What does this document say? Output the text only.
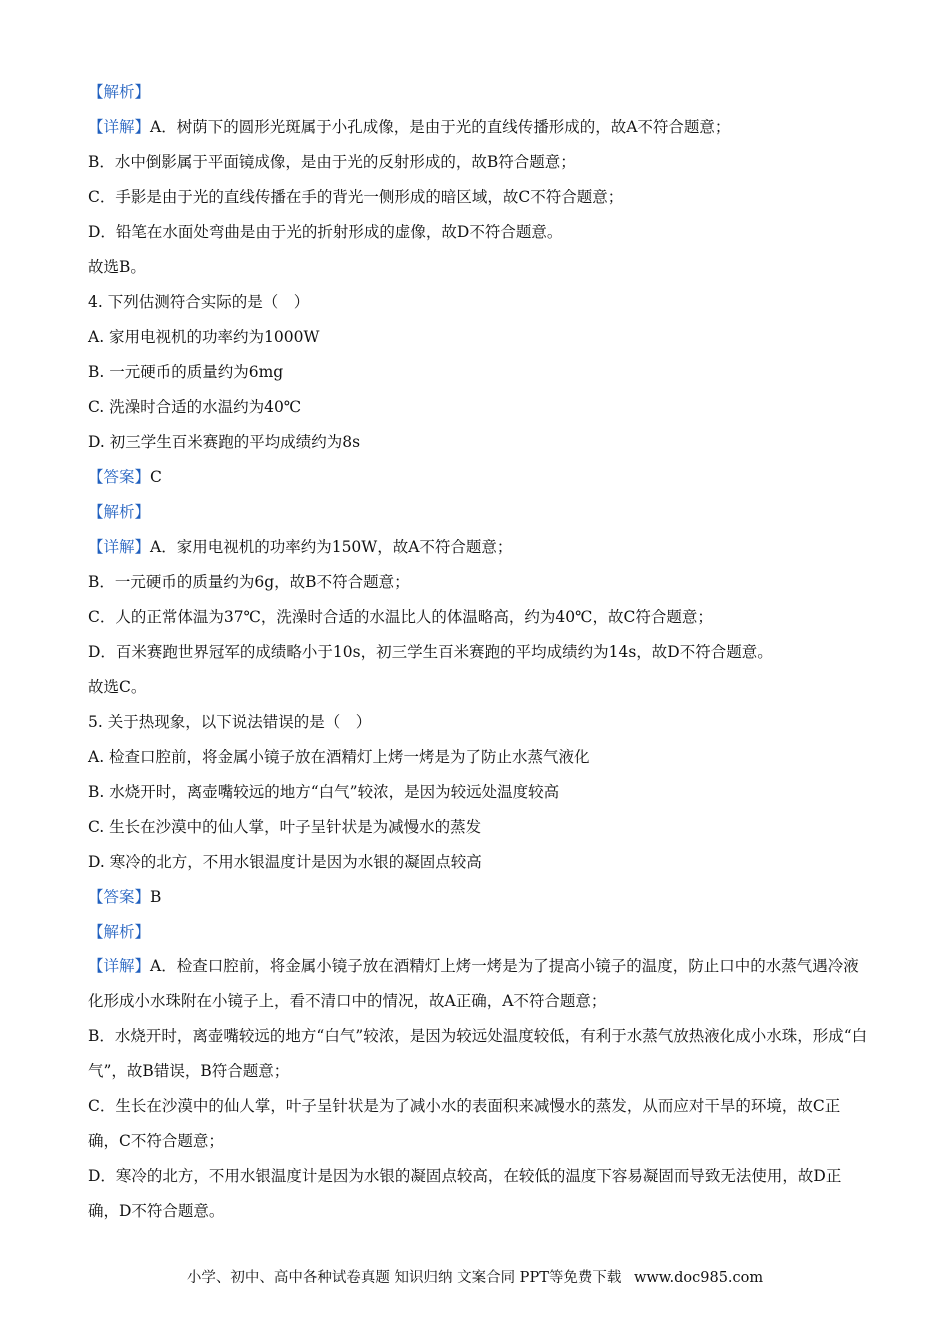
【解析】

【详解】 A．树荫下的圆形光斑属于小孔成像，是由于光的直线传播形成的，故A不符合题意；

B．水中倒影属于平面镜成像，是由于光的反射形成的，故B符合题意；

C．手影是由于光的直线传播在手的背光一侧形成的暗区域，故C不符合题意；

D．铅笔在水面处弯曲是由于光的折射形成的虚像，故D不符合题意。

故选B。

4. 下列估测符合实际的是（　）

A. 家用电视机的功率约为1000W

B. 一元硬币的质量约为6mg

C. 洗澡时合适的水温约为40℃

D. 初三学生百米赛跑的平均成绩约为8s

【答案】 C

【解析】

【详解】 A．家用电视机的功率约为150W，故A不符合题意；

B．一元硬币的质量约为6g，故B不符合题意；

C．人的正常体温为37℃，洗澡时合适的水温比人的体温略高，约为40℃，故C符合题意；

D．百米赛跑世界冠军的成绩略小于10s，初三学生百米赛跑的平均成绩约为14s，故D不符合题意。

故选C。

5. 关于热现象，以下说法错误的是（　）

A. 检查口腔前，将金属小镜子放在酒精灯上烤一烤是为了防止水蒸气液化

B. 水烧开时，离壶嘴较远的地方“白气”较浓，是因为较远处温度较高

C. 生长在沙漠中的仙人掌，叶子呈针状是为减慢水的蒸发

D. 寒冷的北方，不用水银温度计是因为水银的凝固点较高

【答案】 B

【解析】

【详解】A．检查口腔前，将金属小镜子放在酒精灯上烤一烤是为了提高小镜子的温度，防止口中的水蒸气遇冷液化形成小水珠附在小镜子上，看不清口中的情况，故A正确，A不符合题意；

B．水烧开时，离壶嘴较远的地方“白气”较浓，是因为较远处温度较低，有利于水蒸气放热液化成小水珠，形成“白气”，故B错误，B符合题意；

C．生长在沙漠中的仙人掌，叶子呈针状是为了减小水的表面积来减慢水的蒸发，从而应对干旱的环境，故C正确，C不符合题意；

D．寒冷的北方，不用水银温度计是因为水银的凝固点较高，在较低的温度下容易凝固而导致无法使用，故D正确，D不符合题意。

小学、初中、高中各种试卷真题 知识归纳 文案合同 PPT等免费下载 www.doc985.com
